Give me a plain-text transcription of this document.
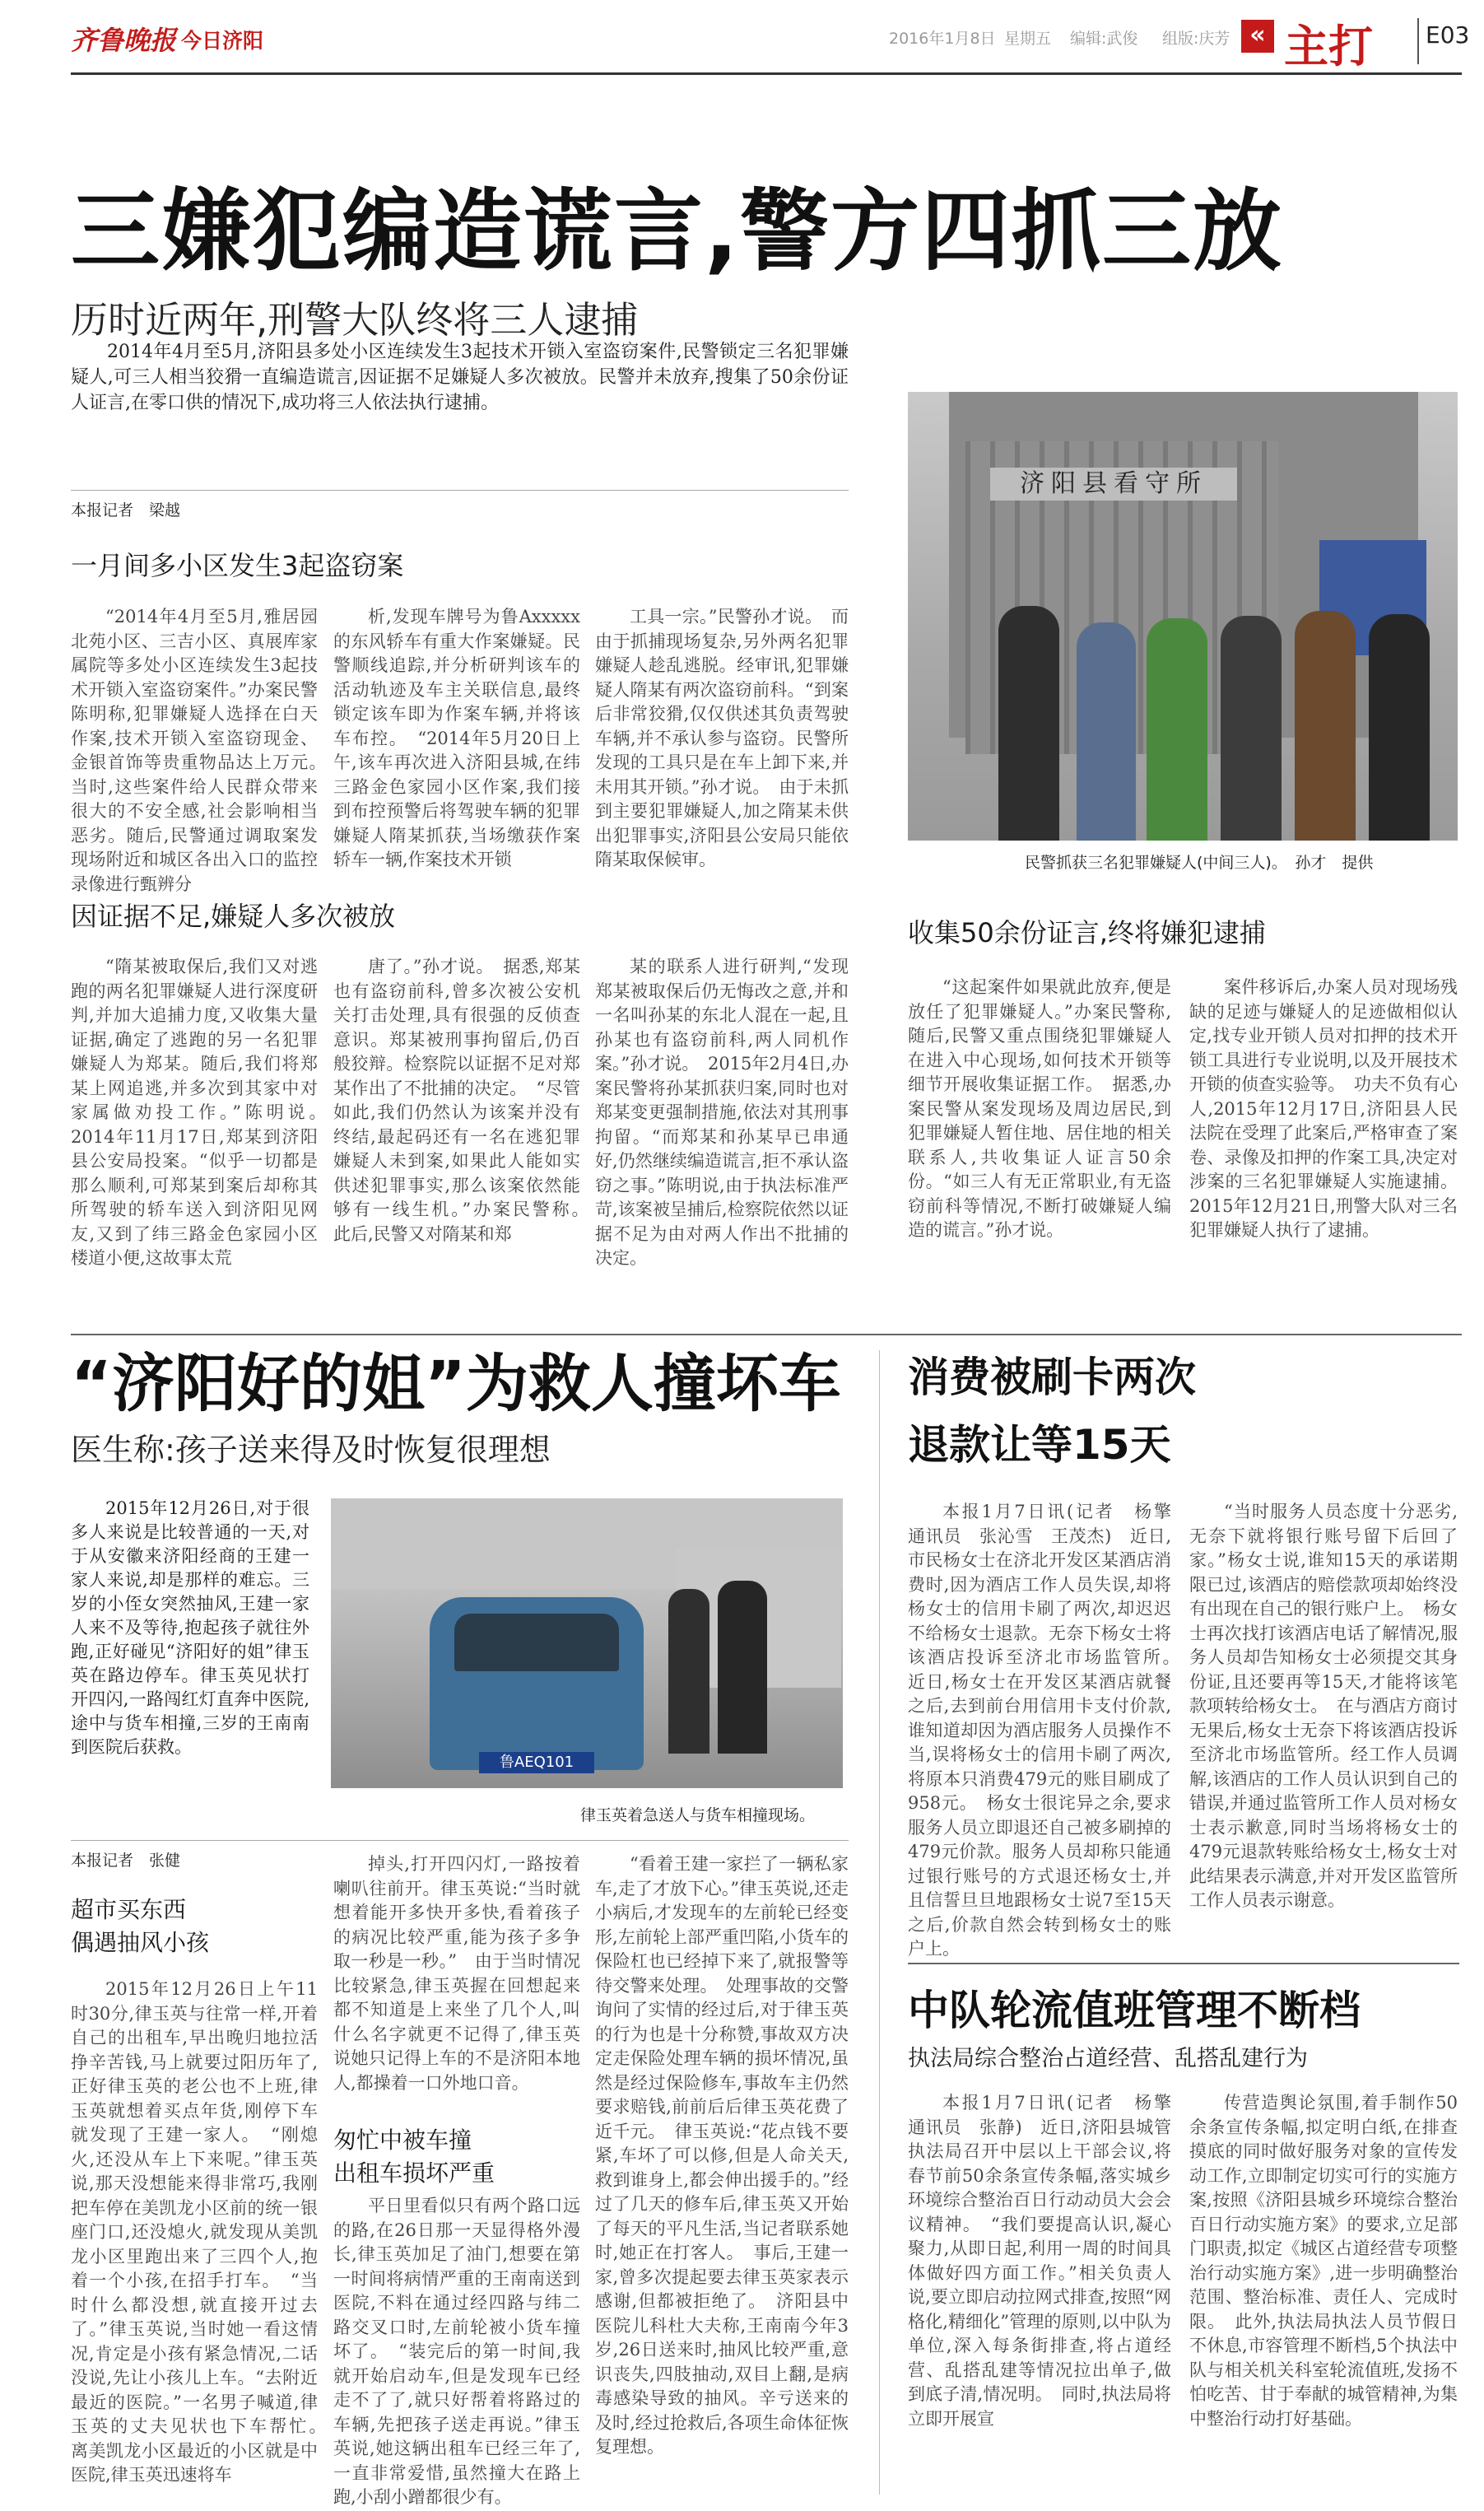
齐鲁晚报 今日济阳	2016年1月8日 星期五 编辑:武俊 组版:庆芳 « 主打 E03
三嫌犯编造谎言,警方四抓三放
历时近两年,刑警大队终将三人逮捕
2014年4月至5月,济阳县多处小区连续发生3起技术开锁入室盗窃案件,民警锁定三名犯罪嫌疑人,可三人相当狡猾一直编造谎言,因证据不足嫌疑人多次被放。民警并未放弃,搜集了50余份证人证言,在零口供的情况下,成功将三人依法执行逮捕。
本报记者　梁越
一月间多小区发生3起盗窃案
“2014年4月至5月,雅居园北苑小区、三吉小区、真展库家属院等多处小区连续发生3起技术开锁入室盗窃案件。”办案民警陈明称,犯罪嫌疑人选择在白天作案,技术开锁入室盗窃现金、金银首饰等贵重物品达上万元。　当时,这些案件给人民群众带来很大的不安全感,社会影响相当恶劣。随后,民警通过调取案发现场附近和城区各出入口的监控录像进行甄辨分
析,发现车牌号为鲁Axxxxx的东风轿车有重大作案嫌疑。民警顺线追踪,并分析研判该车的活动轨迹及车主关联信息,最终锁定该车即为作案车辆,并将该车布控。　“2014年5月20日上午,该车再次进入济阳县城,在纬三路金色家园小区作案,我们接到布控预警后将驾驶车辆的犯罪嫌疑人隋某抓获,当场缴获作案轿车一辆,作案技术开锁
工具一宗。”民警孙才说。　而由于抓捕现场复杂,另外两名犯罪嫌疑人趁乱逃脱。经审讯,犯罪嫌疑人隋某有两次盗窃前科。“到案后非常狡猾,仅仅供述其负责驾驶车辆,并不承认参与盗窃。民警所发现的工具只是在车上卸下来,并未用其开锁。”孙才说。　由于未抓到主要犯罪嫌疑人,加之隋某未供出犯罪事实,济阳县公安局只能依隋某取保候审。
因证据不足,嫌疑人多次被放
“隋某被取保后,我们又对逃跑的两名犯罪嫌疑人进行深度研判,并加大追捕力度,又收集大量证据,确定了逃跑的另一名犯罪嫌疑人为郑某。随后,我们将郑某上网追逃,并多次到其家中对家属做劝投工作。”陈明说。　2014年11月17日,郑某到济阳县公安局投案。“似乎一切都是那么顺利,可郑某到案后却称其所驾驶的轿车送入到济阳见网友,又到了纬三路金色家园小区楼道小便,这故事太荒
唐了。”孙才说。　据悉,郑某也有盗窃前科,曾多次被公安机关打击处理,具有很强的反侦查意识。郑某被刑事拘留后,仍百般狡辩。检察院以证据不足对郑某作出了不批捕的决定。　“尽管如此,我们仍然认为该案并没有终结,最起码还有一名在逃犯罪嫌疑人未到案,如果此人能如实供述犯罪事实,那么该案依然能够有一线生机。”办案民警称。　此后,民警又对隋某和郑
某的联系人进行研判,“发现郑某被取保后仍无悔改之意,并和一名叫孙某的东北人混在一起,且孙某也有盗窃前科,两人同机作案。”孙才说。　2015年2月4日,办案民警将孙某抓获归案,同时也对郑某变更强制措施,依法对其刑事拘留。“而郑某和孙某早已串通好,仍然继续编造谎言,拒不承认盗窃之事。”陈明说,由于执法标准严苛,该案被呈捕后,检察院依然以证据不足为由对两人作出不批捕的决定。
济阳县看守所
民警抓获三名犯罪嫌疑人(中间三人)。　孙才　提供
收集50余份证言,终将嫌犯逮捕
“这起案件如果就此放弃,便是放任了犯罪嫌疑人。”办案民警称,随后,民警又重点围绕犯罪嫌疑人在进入中心现场,如何技术开锁等细节开展收集证据工作。　据悉,办案民警从案发现场及周边居民,到犯罪嫌疑人暂住地、居住地的相关联系人,共收集证人证言50余份。“如三人有无正常职业,有无盗窃前科等情况,不断打破嫌疑人编造的谎言。”孙才说。
案件移诉后,办案人员对现场残缺的足迹与嫌疑人的足迹做相似认定,找专业开锁人员对扣押的技术开锁工具进行专业说明,以及开展技术开锁的侦查实验等。　功夫不负有心人,2015年12月17日,济阳县人民法院在受理了此案后,严格审查了案卷、录像及扣押的作案工具,决定对涉案的三名犯罪嫌疑人实施逮捕。2015年12月21日,刑警大队对三名犯罪嫌疑人执行了逮捕。
“济阳好的姐”为救人撞坏车
医生称:孩子送来得及时恢复很理想
2015年12月26日,对于很多人来说是比较普通的一天,对于从安徽来济阳经商的王建一家人来说,却是那样的难忘。三岁的小侄女突然抽风,王建一家人来不及等待,抱起孩子就往外跑,正好碰见“济阳好的姐”律玉英在路边停车。律玉英见状打开四闪,一路闯红灯直奔中医院,途中与货车相撞,三岁的王南南到医院后获救。
鲁AEQ101
律玉英着急送人与货车相撞现场。
本报记者　张健
超市买东西
偶遇抽风小孩
2015年12月26日上午11时30分,律玉英与往常一样,开着自己的出租车,早出晚归地拉活挣辛苦钱,马上就要过阳历年了,正好律玉英的老公也不上班,律玉英就想着买点年货,刚停下车就发现了王建一家人。　“刚熄火,还没从车上下来呢。”律玉英说,那天没想能来得非常巧,我刚把车停在美凯龙小区前的统一银座门口,还没熄火,就发现从美凯龙小区里跑出来了三四个人,抱着一个小孩,在招手打车。　“当时什么都没想,就直接开过去了。”律玉英说,当时她一看这情况,肯定是小孩有紧急情况,二话没说,先让小孩儿上车。“去附近最近的医院。”一名男子喊道,律玉英的丈夫见状也下车帮忙。　离美凯龙小区最近的小区就是中医院,律玉英迅速将车
掉头,打开四闪灯,一路按着喇叭往前开。律玉英说:“当时就想着能开多快开多快,看着孩子的病况比较严重,能为孩子多争取一秒是一秒。”　由于当时情况比较紧急,律玉英握在回想起来都不知道是上来坐了几个人,叫什么名字就更不记得了,律玉英说她只记得上车的不是济阳本地人,都操着一口外地口音。
匆忙中被车撞
出租车损坏严重
平日里看似只有两个路口远的路,在26日那一天显得格外漫长,律玉英加足了油门,想要在第一时间将病情严重的王南南送到医院,不料在通过经四路与纬二路交叉口时,左前轮被小货车撞坏了。　“装完后的第一时间,我就开始启动车,但是发现车已经走不了了,就只好帮着将路过的车辆,先把孩子送走再说。”律玉英说,她这辆出租车已经三年了,一直非常爱惜,虽然撞大在路上跑,小刮小蹭都很少有。
“看着王建一家拦了一辆私家车,走了才放下心。”律玉英说,还走小病后,才发现车的左前轮已经变形,左前轮上部严重凹陷,小货车的保险杠也已经掉下来了,就报警等待交警来处理。　处理事故的交警询问了实情的经过后,对于律玉英的行为也是十分称赞,事故双方决定走保险处理车辆的损坏情况,虽然是经过保险修车,事故车主仍然要求赔钱,前前后后律玉英花费了近千元。　律玉英说:“花点钱不要紧,车坏了可以修,但是人命关天,救到谁身上,都会伸出援手的。”经过了几天的修车后,律玉英又开始了每天的平凡生活,当记者联系她时,她正在打客人。　事后,王建一家,曾多次提起要去律玉英家表示感谢,但都被拒绝了。　济阳县中医院儿科杜大夫称,王南南今年3岁,26日送来时,抽风比较严重,意识丧失,四肢抽动,双目上翻,是病毒感染导致的抽风。辛亏送来的及时,经过抢救后,各项生命体征恢复理想。
消费被刷卡两次
退款让等15天
本报1月7日讯(记者　杨擎　通讯员　张沁雪　王茂杰)　近日,市民杨女士在济北开发区某酒店消费时,因为酒店工作人员失误,却将杨女士的信用卡刷了两次,却迟迟不给杨女士退款。无奈下杨女士将该酒店投诉至济北市场监管所。　近日,杨女士在开发区某酒店就餐之后,去到前台用信用卡支付价款,谁知道却因为酒店服务人员操作不当,误将杨女士的信用卡刷了两次,将原本只消费479元的账目刷成了958元。　杨女士很诧异之余,要求服务人员立即退还自己被多刷掉的479元价款。服务人员却称只能通过银行账号的方式退还杨女士,并且信誓旦旦地跟杨女士说7至15天之后,价款自然会转到杨女士的账户上。
“当时服务人员态度十分恶劣,无奈下就将银行账号留下后回了家。”杨女士说,谁知15天的承诺期限已过,该酒店的赔偿款项却始终没有出现在自己的银行账户上。　杨女士再次找打该酒店电话了解情况,服务人员却告知杨女士必须提交其身份证,且还要再等15天,才能将该笔款项转给杨女士。　在与酒店方商讨无果后,杨女士无奈下将该酒店投诉至济北市场监管所。经工作人员调解,该酒店的工作人员认识到自己的错误,并通过监管所工作人员对杨女士表示歉意,同时当场将杨女士的479元退款转账给杨女士,杨女士对此结果表示满意,并对开发区监管所工作人员表示谢意。
中队轮流值班管理不断档
执法局综合整治占道经营、乱搭乱建行为
本报1月7日讯(记者　杨擎　通讯员　张静)　近日,济阳县城管执法局召开中层以上干部会议,将春节前50余条宣传条幅,落实城乡环境综合整治百日行动动员大会会议精神。　“我们要提高认识,凝心聚力,从即日起,利用一周的时间具体做好四方面工作。”相关负责人说,要立即启动拉网式排查,按照“网格化,精细化”管理的原则,以中队为单位,深入每条街排查,将占道经营、乱搭乱建等情况拉出单子,做到底子清,情况明。　同时,执法局将立即开展宣
传营造舆论氛围,着手制作50余条宣传条幅,拟定明白纸,在排查摸底的同时做好服务对象的宣传发动工作,立即制定切实可行的实施方案,按照《济阳县城乡环境综合整治百日行动实施方案》的要求,立足部门职责,拟定《城区占道经营专项整治行动实施方案》,进一步明确整治范围、整治标准、责任人、完成时限。　此外,执法局执法人员节假日不休息,市容管理不断档,5个执法中队与相关机关科室轮流值班,发扬不怕吃苦、甘于奉献的城管精神,为集中整治行动打好基础。
